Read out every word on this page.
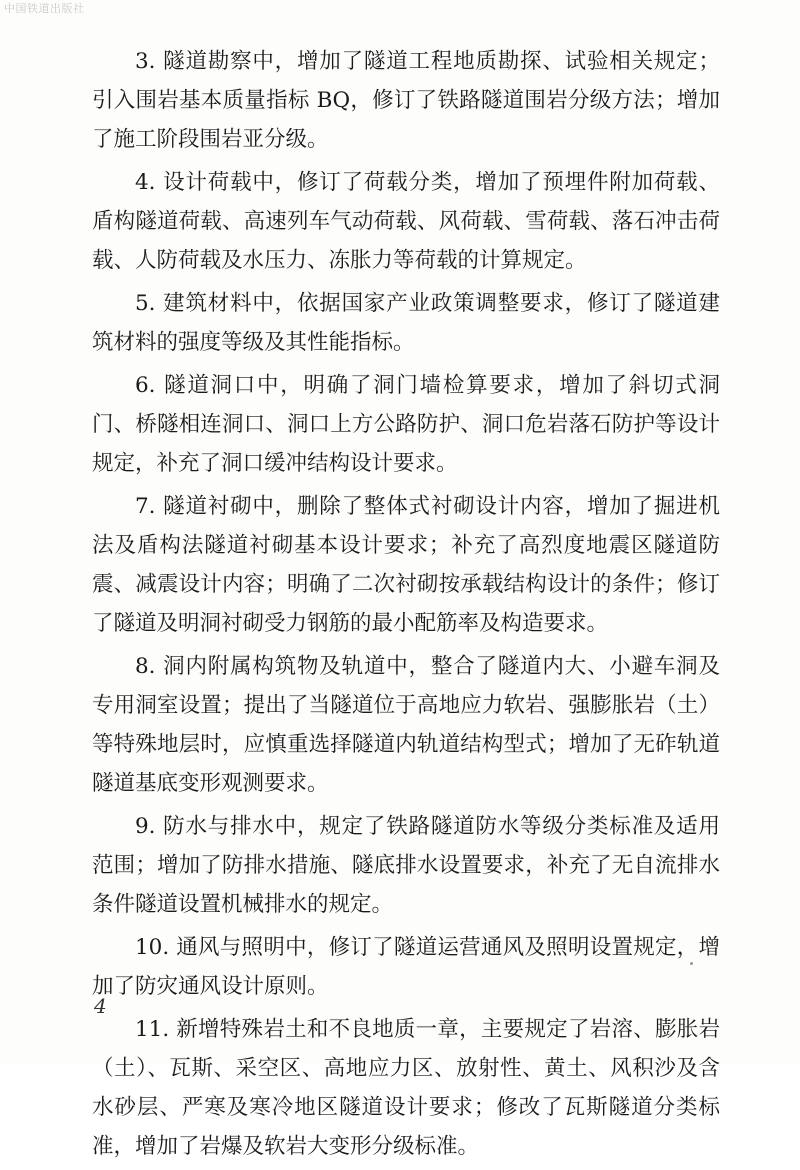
中国铁道出版社

3. 隧道勘察中，增加了隧道工程地质勘探、试验相关规定；引入围岩基本质量指标 BQ，修订了铁路隧道围岩分级方法；增加了施工阶段围岩亚分级。

4. 设计荷载中，修订了荷载分类，增加了预埋件附加荷载、盾构隧道荷载、高速列车气动荷载、风荷载、雪荷载、落石冲击荷载、人防荷载及水压力、冻胀力等荷载的计算规定。

5. 建筑材料中，依据国家产业政策调整要求，修订了隧道建筑材料的强度等级及其性能指标。

6. 隧道洞口中，明确了洞门墙检算要求，增加了斜切式洞门、桥隧相连洞口、洞口上方公路防护、洞口危岩落石防护等设计规定，补充了洞口缓冲结构设计要求。

7. 隧道衬砌中，删除了整体式衬砌设计内容，增加了掘进机法及盾构法隧道衬砌基本设计要求；补充了高烈度地震区隧道防震、减震设计内容；明确了二次衬砌按承载结构设计的条件；修订了隧道及明洞衬砌受力钢筋的最小配筋率及构造要求。

8. 洞内附属构筑物及轨道中，整合了隧道内大、小避车洞及专用洞室设置；提出了当隧道位于高地应力软岩、强膨胀岩（土）等特殊地层时，应慎重选择隧道内轨道结构型式；增加了无砟轨道隧道基底变形观测要求。

9. 防水与排水中，规定了铁路隧道防水等级分类标准及适用范围；增加了防排水措施、隧底排水设置要求，补充了无自流排水条件隧道设置机械排水的规定。

10. 通风与照明中，修订了隧道运营通风及照明设置规定，增加了防灾通风设计原则。

11. 新增特殊岩土和不良地质一章，主要规定了岩溶、膨胀岩（土）、瓦斯、采空区、高地应力区、放射性、黄土、风积沙及含水砂层、严寒及寒冷地区隧道设计要求；修改了瓦斯隧道分类标准，增加了岩爆及软岩大变形分级标准。

4
